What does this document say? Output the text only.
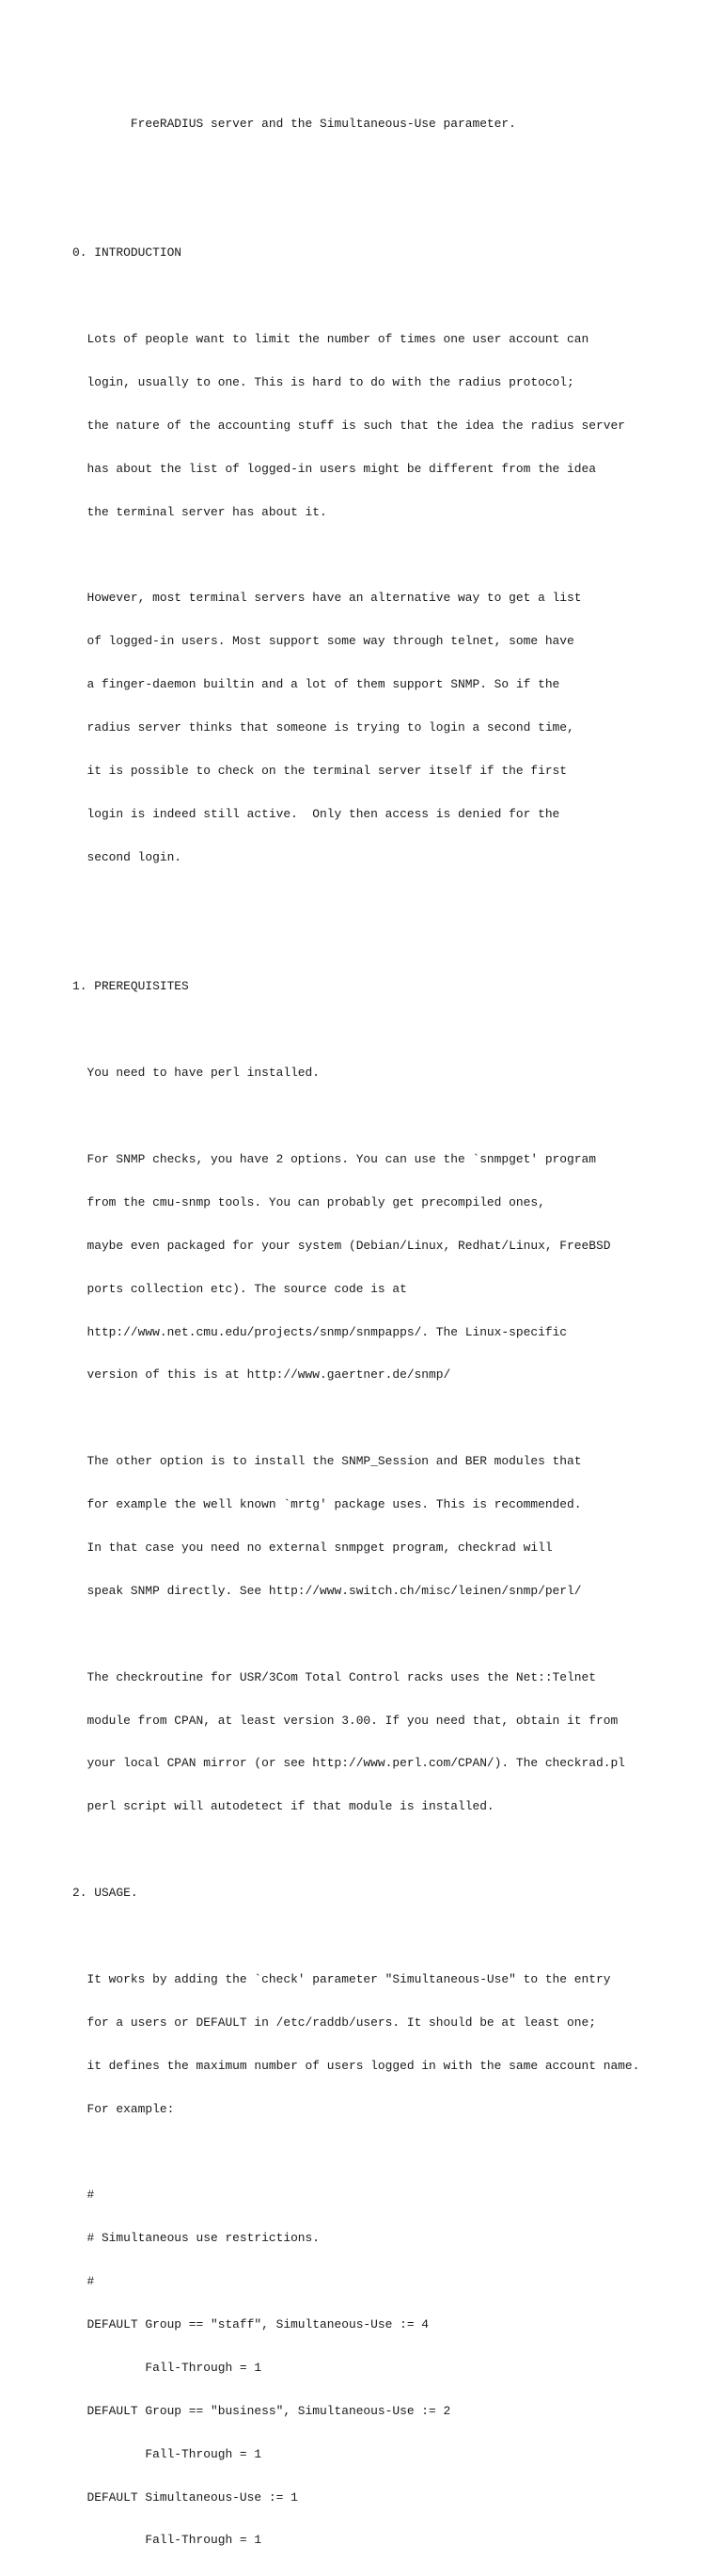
FreeRADIUS server and the Simultaneous-Use parameter.

0. INTRODUCTION

Lots of people want to limit the number of times one user account can

login, usually to one. This is hard to do with the radius protocol;

the nature of the accounting stuff is such that the idea the radius server

has about the list of logged-in users might be different from the idea

the terminal server has about it.

However, most terminal servers have an alternative way to get a list

of logged-in users. Most support some way through telnet, some have

a finger-daemon builtin and a lot of them support SNMP. So if the

radius server thinks that someone is trying to login a second time,

it is possible to check on the terminal server itself if the first

login is indeed still active.  Only then access is denied for the

second login.

1. PREREQUISITES

You need to have perl installed.

For SNMP checks, you have 2 options. You can use the `snmpget' program

from the cmu-snmp tools. You can probably get precompiled ones,

maybe even packaged for your system (Debian/Linux, Redhat/Linux, FreeBSD

ports collection etc). The source code is at

http://www.net.cmu.edu/projects/snmp/snmpapps/. The Linux-specific

version of this is at http://www.gaertner.de/snmp/

The other option is to install the SNMP_Session and BER modules that

for example the well known `mrtg' package uses. This is recommended.

In that case you need no external snmpget program, checkrad will

speak SNMP directly. See http://www.switch.ch/misc/leinen/snmp/perl/

The checkroutine for USR/3Com Total Control racks uses the Net::Telnet

module from CPAN, at least version 3.00. If you need that, obtain it from

your local CPAN mirror (or see http://www.perl.com/CPAN/). The checkrad.pl

perl script will autodetect if that module is installed.

2. USAGE.

It works by adding the `check' parameter "Simultaneous-Use" to the entry

for a users or DEFAULT in /etc/raddb/users. It should be at least one;

it defines the maximum number of users logged in with the same account name.

For example:

#

# Simultaneous use restrictions.

#

DEFAULT Group == "staff", Simultaneous-Use := 4

Fall-Through = 1

DEFAULT Group == "business", Simultaneous-Use := 2

Fall-Through = 1

DEFAULT Simultaneous-Use := 1

Fall-Through = 1
